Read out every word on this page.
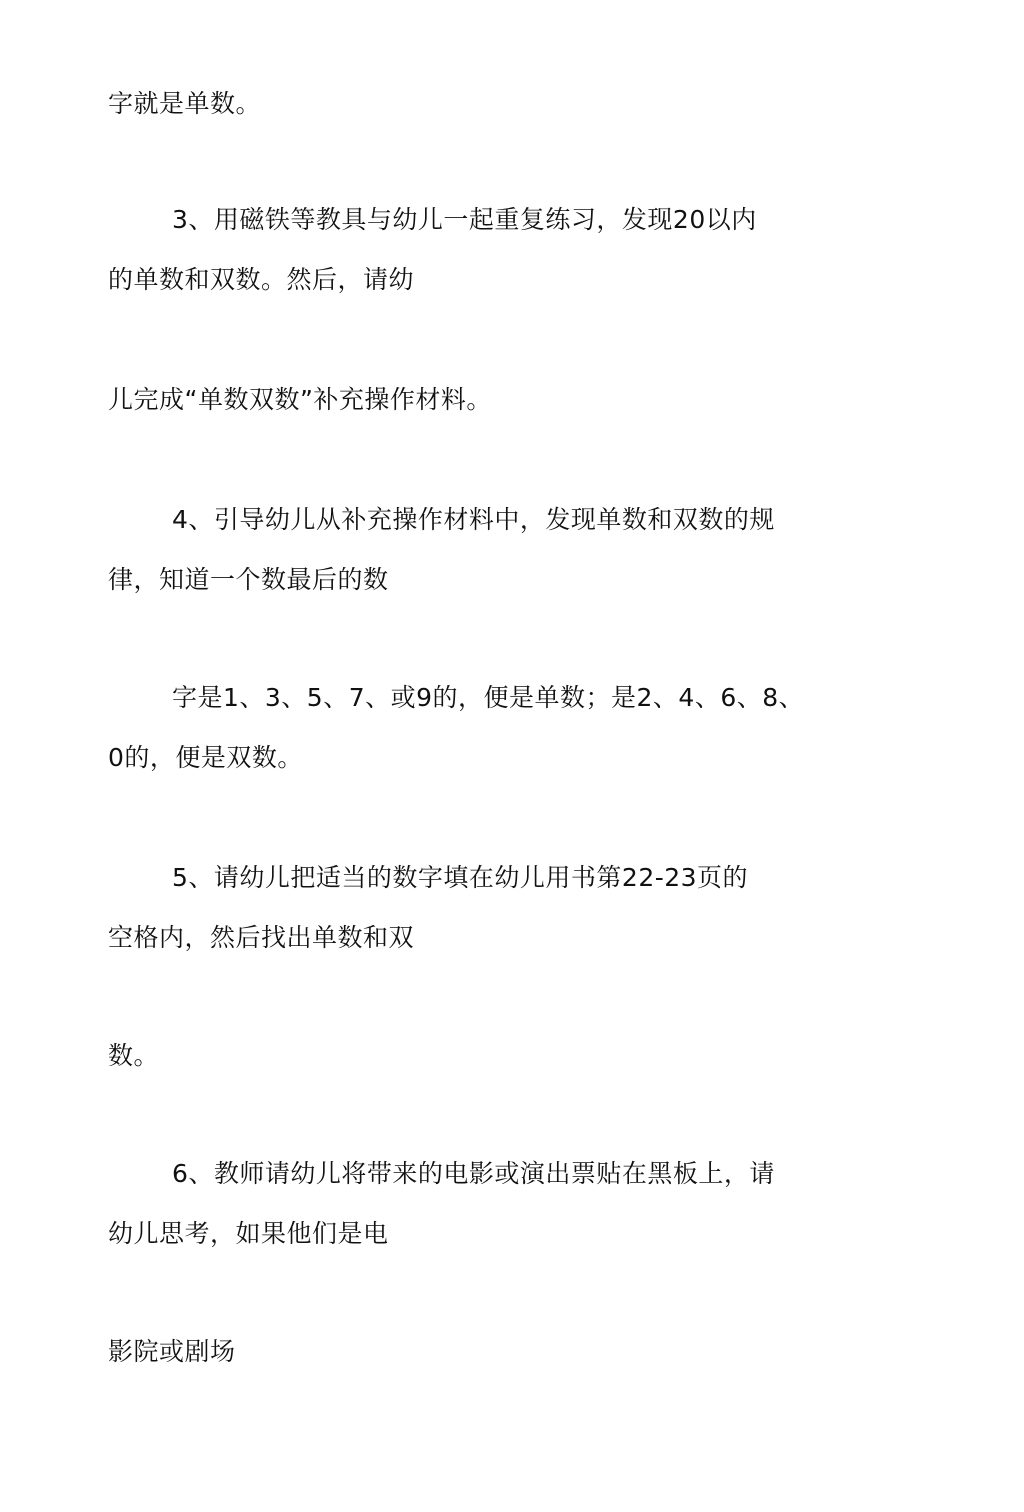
字就是单数。
3、用磁铁等教具与幼儿一起重复练习，发现20以内
的单数和双数。然后，请幼
儿完成“单数双数”补充操作材料。
4、引导幼儿从补充操作材料中，发现单数和双数的规
律，知道一个数最后的数
字是1、3、5、7、或9的，便是单数；是2、4、6、8、
0的，便是双数。
5、请幼儿把适当的数字填在幼儿用书第22-23页的
空格内，然后找出单数和双
数。
6、教师请幼儿将带来的电影或演出票贴在黑板上，请
幼儿思考，如果他们是电
影院或剧场
